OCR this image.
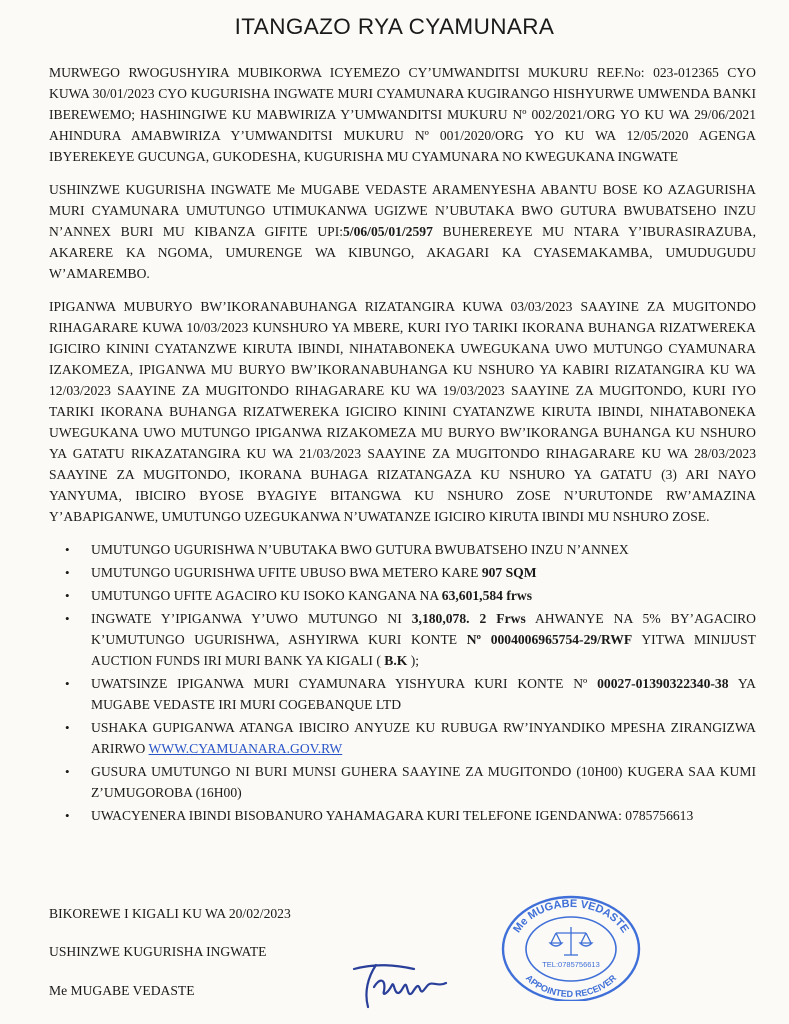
ITANGAZO RYA CYAMUNARA

MURWEGO RWOGUSHYIRA MUBIKORWA ICYEMEZO CY’UMWANDITSI MUKURU REF.No: 023-012365 CYO KUWA 30/01/2023 CYO KUGURISHA INGWATE MURI CYAMUNARA KUGIRANGO HISHYURWE UMWENDA BANKI IBEREWEMO; HASHINGIWE KU MABWIRIZA Y’UMWANDITSI MUKURU Nº 002/2021/ORG YO KU WA 29/06/2021 AHINDURA AMABWIRIZA Y’UMWANDITSI MUKURU Nº 001/2020/ORG YO KU WA 12/05/2020 AGENGA IBYEREKEYE GUCUNGA, GUKODESHA, KUGURISHA MU CYAMUNARA NO KWEGUKANA INGWATE

USHINZWE KUGURISHA INGWATE Me MUGABE VEDASTE ARAMENYESHA ABANTU BOSE KO AZAGURISHA MURI CYAMUNARA UMUTUNGO UTIMUKANWA UGIZWE N’UBUTAKA BWO GUTURA BWUBATSEHO INZU N’ANNEX BURI MU KIBANZA GIFITE UPI:5/06/05/01/2597 BUHEREREYE MU NTARA Y’IBURASIRAZUBA, AKARERE KA NGOMA, UMURENGE WA KIBUNGO, AKAGARI KA CYASEMAKAMBA, UMUDUGUDU W’AMAREMBO.

IPIGANWA MUBURYO BW’IKORANABUHANGA RIZATANGIRA KUWA 03/03/2023 SAAYINE ZA MUGITONDO RIHAGARARE KUWA 10/03/2023 KUNSHURO YA MBERE, KURI IYO TARIKI IKORANA BUHANGA RIZATWEREKA IGICIRO KININI CYATANZWE KIRUTA IBINDI, NIHATABONEKA UWEGUKANA UWO MUTUNGO CYAMUNARA IZAKOMEZA, IPIGANWA MU BURYO BW’IKORANABUHANGA KU NSHURO YA KABIRI RIZATANGIRA KU WA 12/03/2023 SAAYINE ZA MUGITONDO RIHAGARARE KU WA 19/03/2023 SAAYINE ZA MUGITONDO, KURI IYO TARIKI IKORANA BUHANGA RIZATWEREKA IGICIRO KININI CYATANZWE KIRUTA IBINDI, NIHATABONEKA UWEGUKANA UWO MUTUNGO IPIGANWA RIZAKOMEZA MU BURYO BW’IKORANGA BUHANGA KU NSHURO YA GATATU RIKAZATANGIRA KU WA 21/03/2023 SAAYINE ZA MUGITONDO RIHAGARARE KU WA 28/03/2023 SAAYINE ZA MUGITONDO, IKORANA BUHAGA RIZATANGAZA KU NSHURO YA GATATU (3) ARI NAYO YANYUMA, IBICIRO BYOSE BYAGIYE BITANGWA KU NSHURO ZOSE N’URUTONDE RW’AMAZINA Y’ABAPIGANWE, UMUTUNGO UZEGUKANWA N’UWATANZE IGICIRO KIRUTA IBINDI MU NSHURO ZOSE.

• UMUTUNGO UGURISHWA N’UBUTAKA BWO GUTURA BWUBATSEHO INZU N’ANNEX
• UMUTUNGO UGURISHWA UFITE UBUSO BWA METERO KARE 907 SQM
• UMUTUNGO UFITE AGACIRO KU ISOKO KANGANA NA 63,601,584 frws
• INGWATE Y’IPIGANWA Y’UWO MUTUNGO NI 3,180,078. 2 Frws AHWANYE NA 5% BY’AGACIRO K’UMUTUNGO UGURISHWA, ASHYIRWA KURI KONTE Nº 0004006965754-29/RWF YITWA MINIJUST AUCTION FUNDS IRI MURI BANK YA KIGALI ( B.K );
• UWATSINZE IPIGANWA MURI CYAMUNARA YISHYURA KURI KONTE Nº 00027-01390322340-38 YA MUGABE VEDASTE IRI MURI COGEBANQUE LTD
• USHAKA GUPIGANWA ATANGA IBICIRO ANYUZE KU RUBUGA RW’INYANDIKO MPESHA ZIRANGIZWA ARIRWO WWW.CYAMUANARA.GOV.RW
• GUSURA UMUTUNGO NI BURI MUNSI GUHERA SAAYINE ZA MUGITONDO (10H00) KUGERA SAA KUMI Z’UMUGOROBA (16H00)
• UWACYENERA IBINDI BISOBANURO YAHAMAGARA KURI TELEFONE IGENDANWA: 0785756613
BIKOREWE I KIGALI KU WA 20/02/2023
USHINZWE KUGURISHA INGWATE
Me MUGABE VEDASTE
Me MUGABE VEDASTE
APPOINTED RECEIVER
TEL:0785756613
